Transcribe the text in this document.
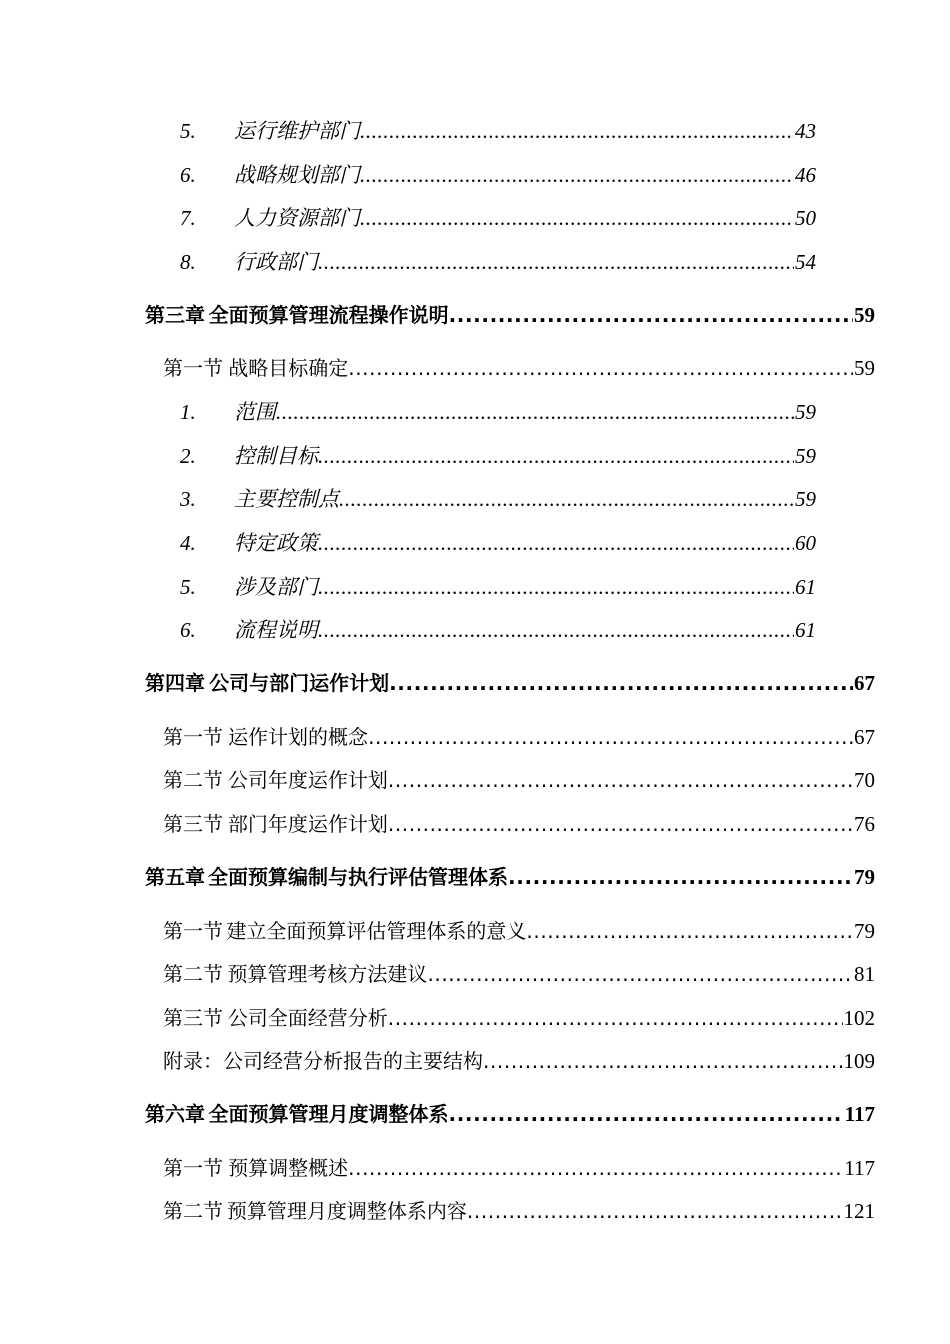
5.	运行维护部门 .....	43
6.	战略规划部门 .....	46
7.	人力资源部门 .....	50
8.	行政部门 .....	54
第三章 全面预算管理流程操作说明 .....	59
第一节 战略目标确定 .....	59
1.	范围 .....	59
2.	控制目标 .....	59
3.	主要控制点 .....	59
4.	特定政策 .....	60
5.	涉及部门 .....	61
6.	流程说明 .....	61
第四章 公司与部门运作计划 .....	67
第一节 运作计划的概念 .....	67
第二节 公司年度运作计划 .....	70
第三节 部门年度运作计划 .....	76
第五章 全面预算编制与执行评估管理体系 .....	79
第一节 建立全面预算评估管理体系的意义 .....	79
第二节 预算管理考核方法建议 .....	81
第三节 公司全面经营分析 .....	102
附录：公司经营分析报告的主要结构 .....	109
第六章 全面预算管理月度调整体系 .....	117
第一节 预算调整概述 .....	117
第二节 预算管理月度调整体系内容 .....	121
